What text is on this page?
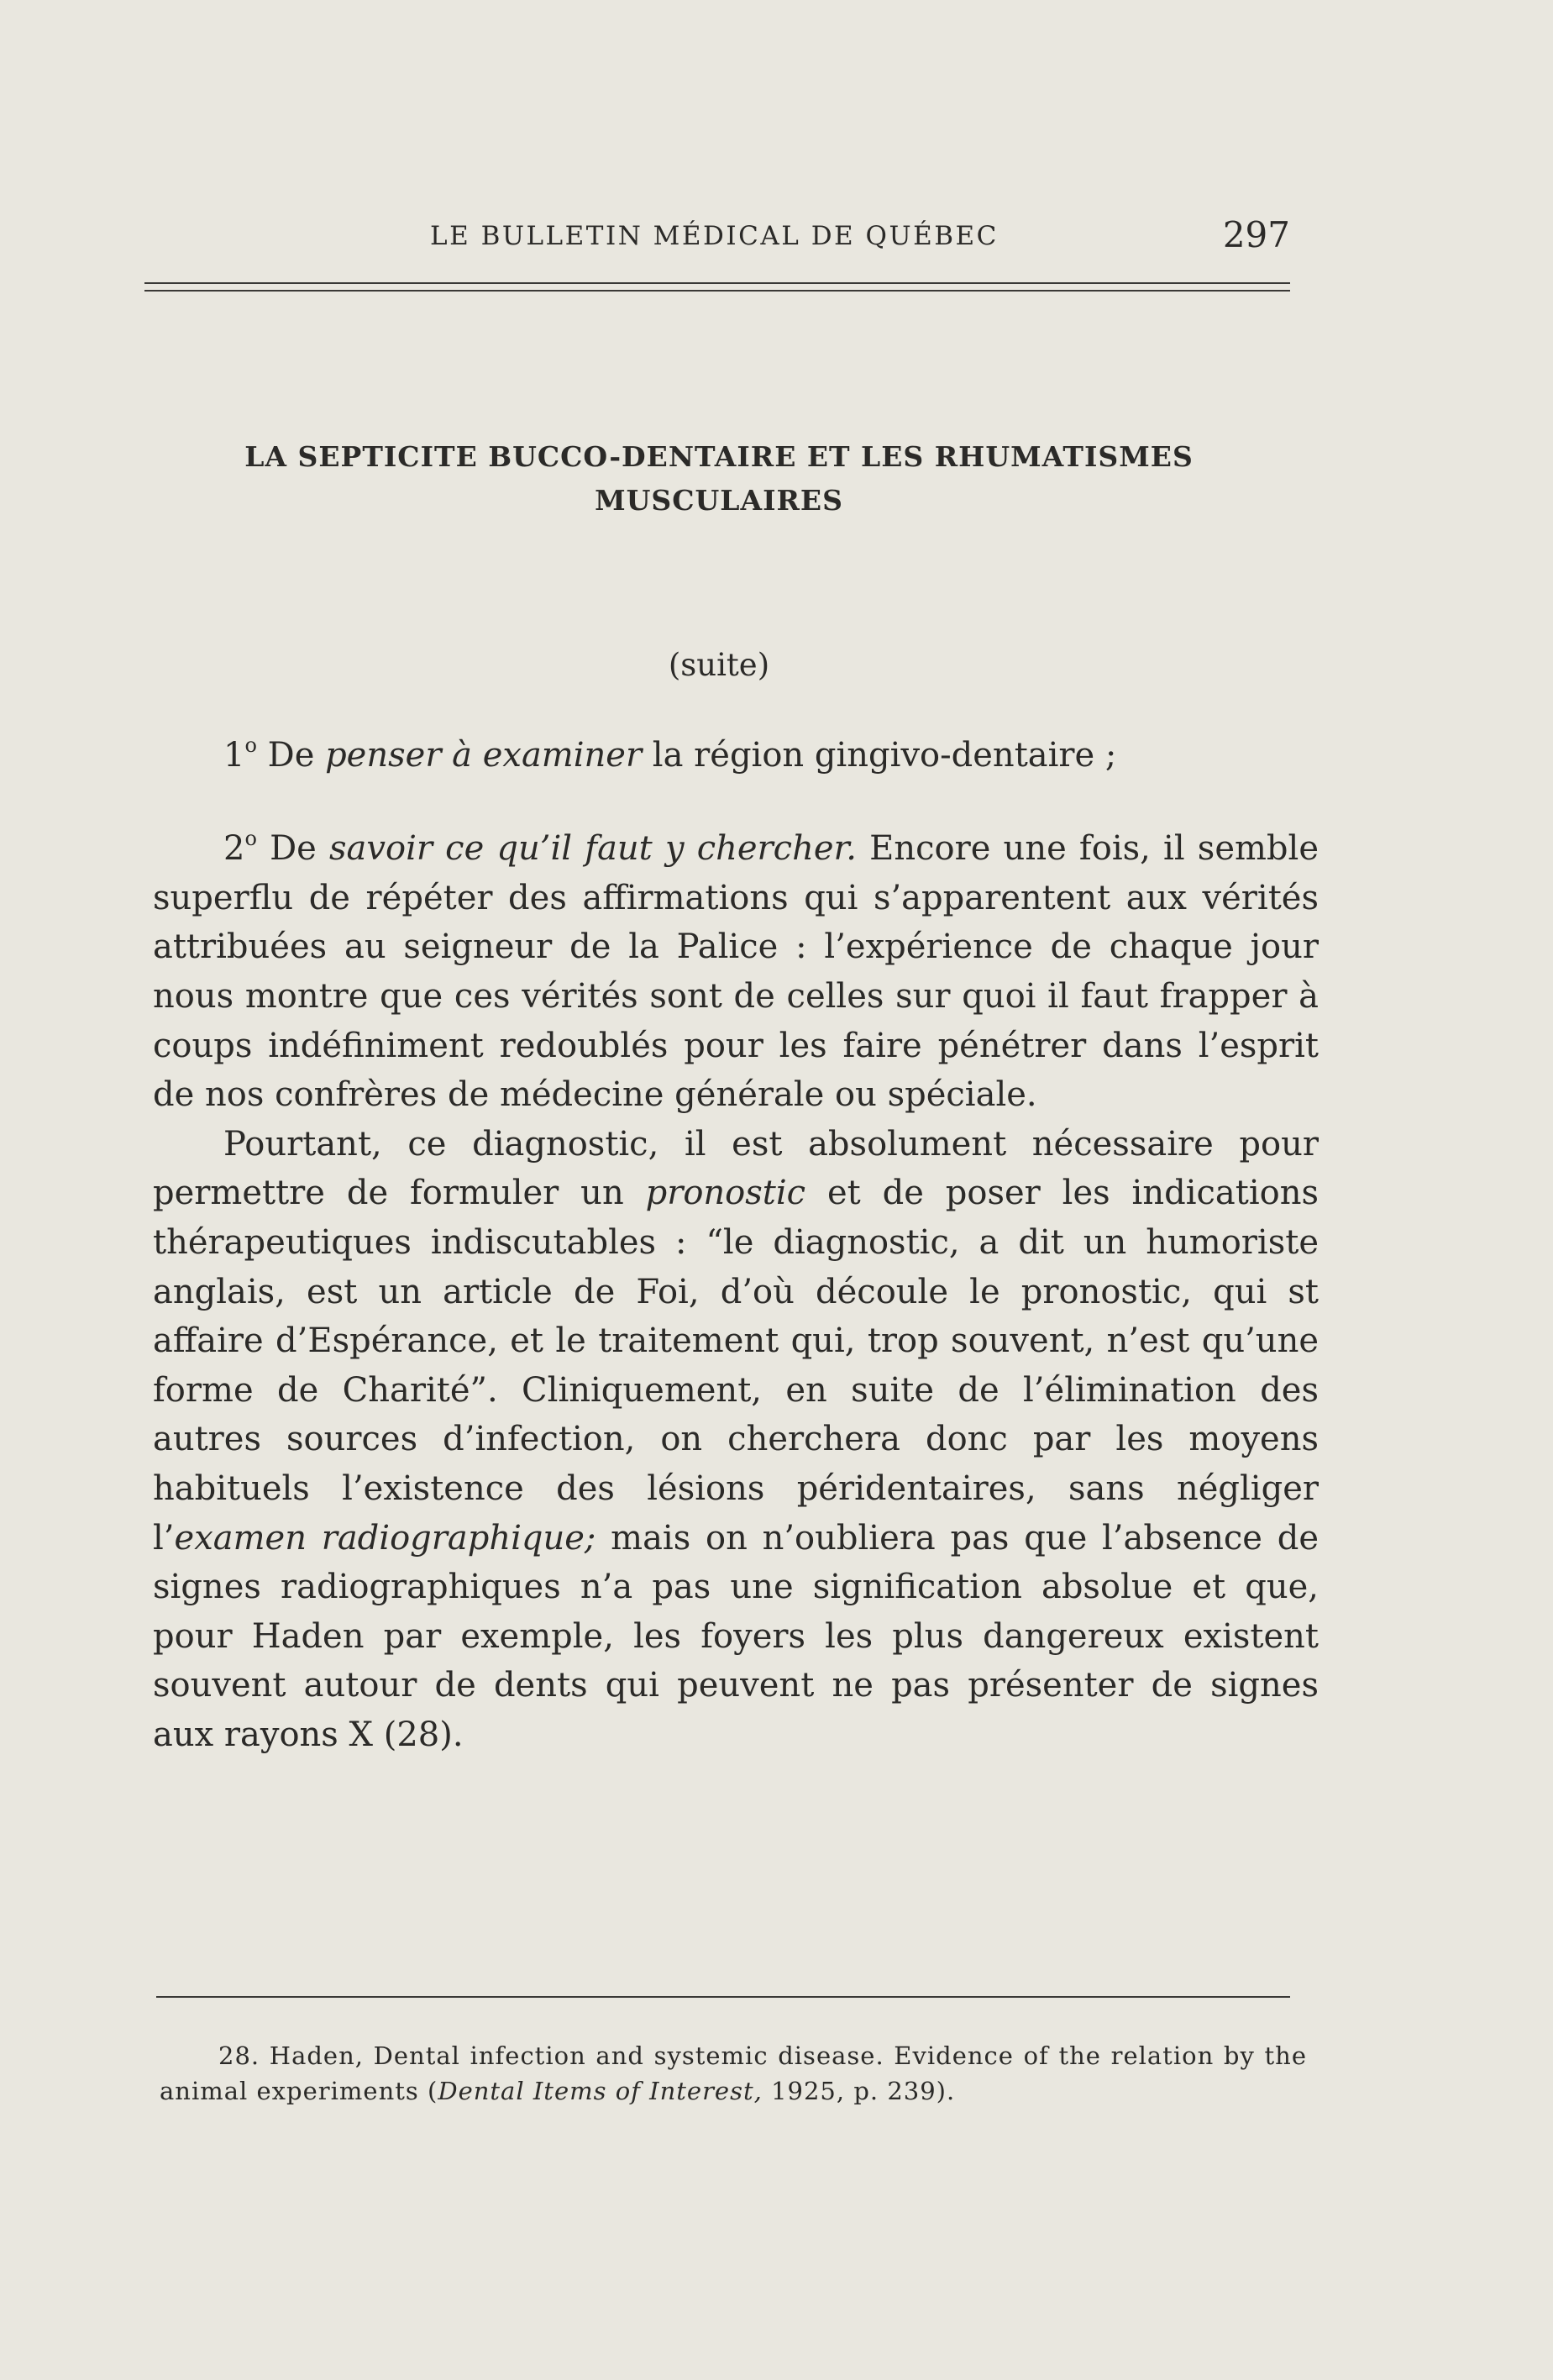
LE BULLETIN MÉDICAL DE QUÉBEC	297
LA SEPTICITE BUCCO-DENTAIRE ET LES RHUMATISMES
MUSCULAIRES
(suite)

1$^o$ De penser à examiner la région gingivo-dentaire ;

2$^o$ De savoir ce qu’il faut y chercher. Encore une fois, il semble superflu de répéter des affirmations qui s’apparentent aux vérités attribuées au seigneur de la Palice : l’expérience de chaque jour nous montre que ces vérités sont de celles sur quoi il faut frapper à coups indéfiniment redoublés pour les faire pénétrer dans l’esprit de nos confrères de médecine générale ou spéciale.

Pourtant, ce diagnostic, il est absolument nécessaire pour permettre de formuler un pronostic et de poser les indications thérapeutiques indiscutables : “le diagnostic, a dit un humoriste anglais, est un article de Foi, d’où découle le pronostic, qui st affaire d’Espérance, et le traitement qui, trop souvent, n’est qu’une forme de Charité”. Cliniquement, en suite de l’élimination des autres sources d’infection, on cherchera donc par les moyens habituels l’existence des lésions péridentaires, sans négliger l’examen radiographique; mais on n’oubliera pas que l’absence de signes radiographiques n’a pas une signification absolue et que, pour Haden par exemple, les foyers les plus dangereux existent souvent autour de dents qui peuvent ne pas présenter de signes aux rayons X (28).

28. Haden, Dental infection and systemic disease. Evidence of the relation by the animal experiments (Dental Items of Interest, 1925, p. 239).
